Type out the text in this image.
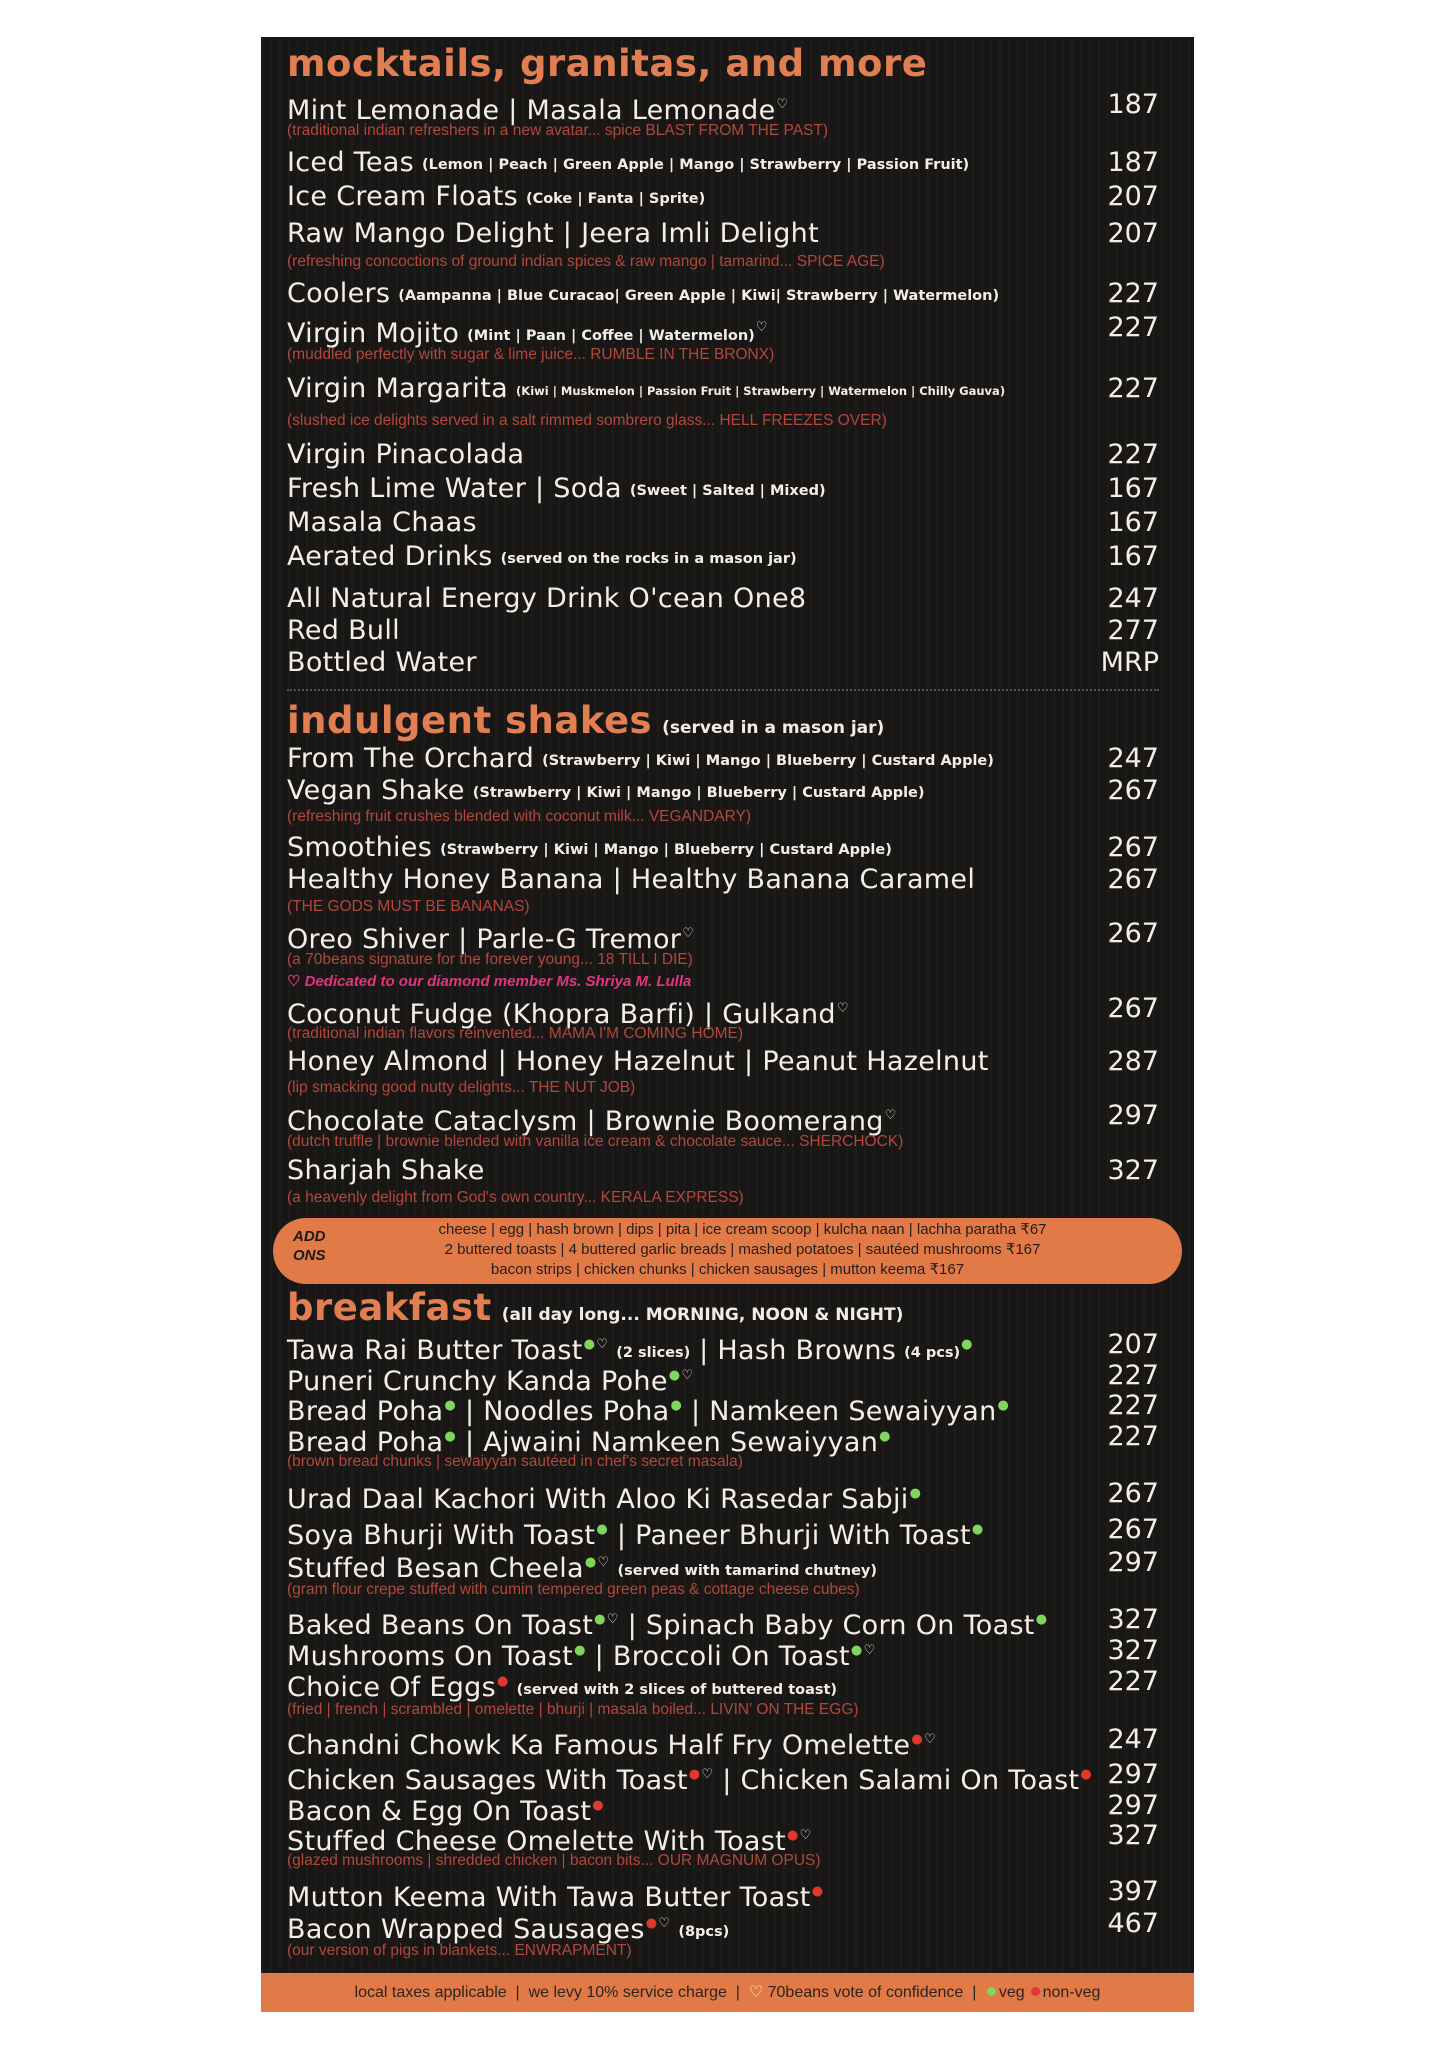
mocktails, granitas, and more
Mint Lemonade | Masala Lemonade♡	187
(traditional indian refreshers in a new avatar... spice BLAST FROM THE PAST)
Iced Teas (Lemon | Peach | Green Apple | Mango | Strawberry | Passion Fruit)	187
Ice Cream Floats (Coke | Fanta | Sprite)	207
Raw Mango Delight | Jeera Imli Delight	207
(refreshing concoctions of ground indian spices & raw mango | tamarind... SPICE AGE)
Coolers (Aampanna | Blue Curacao| Green Apple | Kiwi| Strawberry | Watermelon)	227
Virgin Mojito (Mint | Paan | Coffee | Watermelon)♡	227
(muddled perfectly with sugar & lime juice... RUMBLE IN THE BRONX)
Virgin Margarita (Kiwi | Muskmelon | Passion Fruit | Strawberry | Watermelon | Chilly Gauva)	227
(slushed ice delights served in a salt rimmed sombrero glass... HELL FREEZES OVER)
Virgin Pinacolada	227
Fresh Lime Water | Soda (Sweet | Salted | Mixed)	167
Masala Chaas	167
Aerated Drinks (served on the rocks in a mason jar)	167
All Natural Energy Drink O'cean One8	247
Red Bull	277
Bottled Water	MRP
indulgent shakes (served in a mason jar)
From The Orchard (Strawberry | Kiwi | Mango | Blueberry | Custard Apple)	247
Vegan Shake (Strawberry | Kiwi | Mango | Blueberry | Custard Apple)	267
(refreshing fruit crushes blended with coconut milk... VEGANDARY)
Smoothies (Strawberry | Kiwi | Mango | Blueberry | Custard Apple)	267
Healthy Honey Banana | Healthy Banana Caramel	267
(THE GODS MUST BE BANANAS)
Oreo Shiver | Parle-G Tremor♡	267
(a 70beans signature for the forever young... 18 TILL I DIE)
♡ Dedicated to our diamond member Ms. Shriya M. Lulla
Coconut Fudge (Khopra Barfi) | Gulkand♡	267
(traditional indian flavors reinvented... MAMA I'M COMING HOME)
Honey Almond | Honey Hazelnut | Peanut Hazelnut	287
(lip smacking good nutty delights... THE NUT JOB)
Chocolate Cataclysm | Brownie Boomerang♡	297
(dutch truffle | brownie blended with vanilla ice cream & chocolate sauce... SHERCHOCK)
Sharjah Shake	327
(a heavenly delight from God's own country... KERALA EXPRESS)
ADD
ONS
cheese | egg | hash brown | dips | pita | ice cream scoop | kulcha naan | lachha paratha ₹67
2 buttered toasts | 4 buttered garlic breads | mashed potatoes | sautéed mushrooms ₹167
bacon strips | chicken chunks | chicken sausages | mutton keema ₹167
breakfast (all day long... MORNING, NOON & NIGHT)
Tawa Rai Butter Toast●♡(2 slices) | Hash Browns (4 pcs)●	207
Puneri Crunchy Kanda Pohe●♡	227
Bread Poha● | Noodles Poha● | Namkeen Sewaiyyan●	227
Bread Poha● | Ajwaini Namkeen Sewaiyyan●	227
(brown bread chunks | sewaiyyan sautéed in chef's secret masala)
Urad Daal Kachori With Aloo Ki Rasedar Sabji●	267
Soya Bhurji With Toast● | Paneer Bhurji With Toast●	267
Stuffed Besan Cheela●♡(served with tamarind chutney)	297
(gram flour crepe stuffed with cumin tempered green peas & cottage cheese cubes)
Baked Beans On Toast●♡ | Spinach Baby Corn On Toast● 327
Mushrooms On Toast● | Broccoli On Toast●♡	327
Choice Of Eggs●(served with 2 slices of buttered toast)	227
(fried | french | scrambled | omelette | bhurji | masala boiled... LIVIN' ON THE EGG)
Chandni Chowk Ka Famous Half Fry Omelette●♡	247
Chicken Sausages With Toast●♡ | Chicken Salami On Toast● 297
Bacon & Egg On Toast●	297
Stuffed Cheese Omelette With Toast●♡	327
(glazed mushrooms | shredded chicken | bacon bits... OUR MAGNUM OPUS)
Mutton Keema With Tawa Butter Toast●	397
Bacon Wrapped Sausages●♡(8pcs)	467
(our version of pigs in blankets... ENWRAPMENT)
local taxes applicable  |  we levy 10% service charge  |  ♡ 70beans vote of confidence  | veg non-veg
